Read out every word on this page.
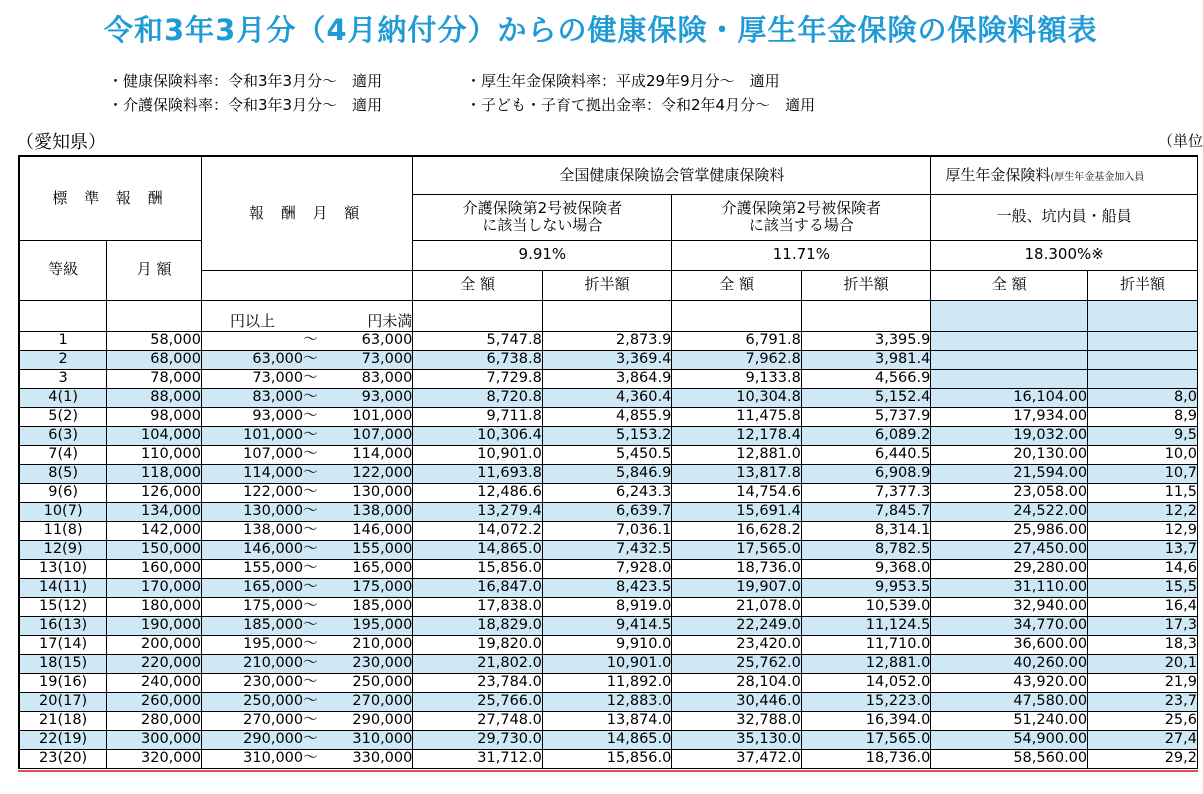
令和3年3月分（4月納付分）からの健康保険・厚生年金保険の保険料額表
・健康保険料率：令和3年3月分～　適用
・介護保険料率：令和3年3月分～　適用
・厚生年金保険料率：平成29年9月分～　適用
・子ども・子育て拠出金率：令和2年4月分～　適用
（愛知県）	（単位
標 準 報 酬		報 酬 月 額			全国健康保険協会管掌健康保険料				厚生年金保険料(厚生年金基金加入員	
					介護保険第2号被保険者
に該当しない場合		介護保険第2号被保険者
に該当する場合		一般、坑内員・船員	
等級	月 額				9.91%		11.71%		18.300%※	
					全 額	折半額	全 額	折半額	全 額	折半額
		円以上		円未満						
1	58,000		～	63,000	5,747.8	2,873.9	6,791.8	3,395.9		
2	68,000	63,000	～	73,000	6,738.8	3,369.4	7,962.8	3,981.4		
3	78,000	73,000	～	83,000	7,729.8	3,864.9	9,133.8	4,566.9		
4(1)	88,000	83,000	～	93,000	8,720.8	4,360.4	10,304.8	5,152.4	16,104.00	8,0
5(2)	98,000	93,000	～	101,000	9,711.8	4,855.9	11,475.8	5,737.9	17,934.00	8,9
6(3)	104,000	101,000	～	107,000	10,306.4	5,153.2	12,178.4	6,089.2	19,032.00	9,5
7(4)	110,000	107,000	～	114,000	10,901.0	5,450.5	12,881.0	6,440.5	20,130.00	10,0
8(5)	118,000	114,000	～	122,000	11,693.8	5,846.9	13,817.8	6,908.9	21,594.00	10,7
9(6)	126,000	122,000	～	130,000	12,486.6	6,243.3	14,754.6	7,377.3	23,058.00	11,5
10(7)	134,000	130,000	～	138,000	13,279.4	6,639.7	15,691.4	7,845.7	24,522.00	12,2
11(8)	142,000	138,000	～	146,000	14,072.2	7,036.1	16,628.2	8,314.1	25,986.00	12,9
12(9)	150,000	146,000	～	155,000	14,865.0	7,432.5	17,565.0	8,782.5	27,450.00	13,7
13(10)	160,000	155,000	～	165,000	15,856.0	7,928.0	18,736.0	9,368.0	29,280.00	14,6
14(11)	170,000	165,000	～	175,000	16,847.0	8,423.5	19,907.0	9,953.5	31,110.00	15,5
15(12)	180,000	175,000	～	185,000	17,838.0	8,919.0	21,078.0	10,539.0	32,940.00	16,4
16(13)	190,000	185,000	～	195,000	18,829.0	9,414.5	22,249.0	11,124.5	34,770.00	17,3
17(14)	200,000	195,000	～	210,000	19,820.0	9,910.0	23,420.0	11,710.0	36,600.00	18,3
18(15)	220,000	210,000	～	230,000	21,802.0	10,901.0	25,762.0	12,881.0	40,260.00	20,1
19(16)	240,000	230,000	～	250,000	23,784.0	11,892.0	28,104.0	14,052.0	43,920.00	21,9
20(17)	260,000	250,000	～	270,000	25,766.0	12,883.0	30,446.0	15,223.0	47,580.00	23,7
21(18)	280,000	270,000	～	290,000	27,748.0	13,874.0	32,788.0	16,394.0	51,240.00	25,6
22(19)	300,000	290,000	～	310,000	29,730.0	14,865.0	35,130.0	17,565.0	54,900.00	27,4
23(20)	320,000	310,000	～	330,000	31,712.0	15,856.0	37,472.0	18,736.0	58,560.00	29,2
